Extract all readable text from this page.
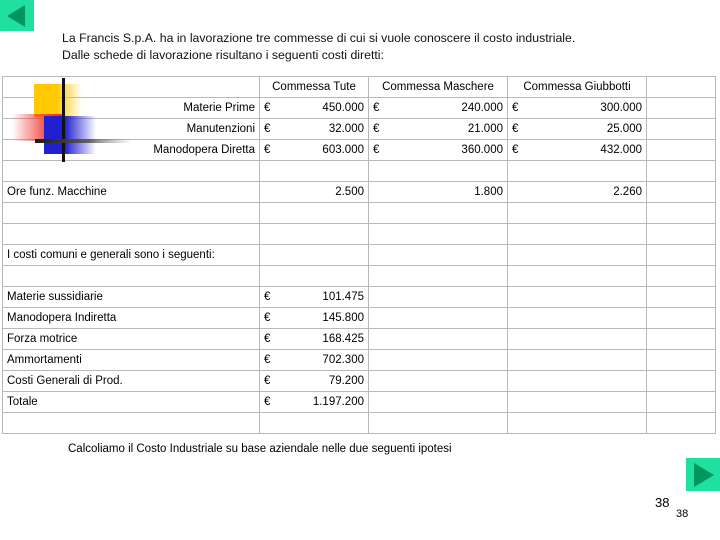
La Francis S.p.A. ha in lavorazione tre commesse di cui si vuole conoscere il costo industriale.
Dalle schede di lavorazione risultano i seguenti costi diretti:
	Commessa Tute	Commessa Maschere	Commessa Giubbotti	
Materie Prime	€ 450.000	€ 240.000	€ 300.000	

Manutenzioni	€ 32.000	€ 21.000	€ 25.000	

Manodopera Diretta	€ 603.000	€ 360.000	€ 432.000	

Ore funz. Macchine	2.500	1.800	2.260	

I costi comuni e generali sono i seguenti:				

Materie sussidiarie	€ 101.475			

Manodopera Indiretta	€ 145.800			

Forza motrice	€ 168.425			

Ammortamenti	€ 702.300			

Costi Generali di Prod.	€ 79.200			

Totale	€ 1.197.200			

Calcoliamo il Costo Industriale su base aziendale nelle due seguenti ipotesi
38
38
